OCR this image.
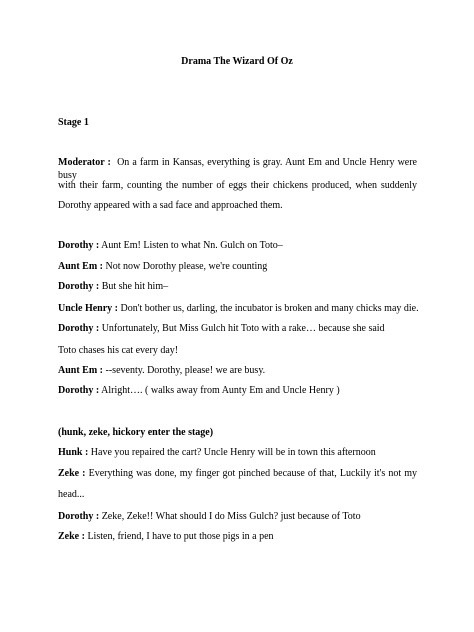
Drama The Wizard Of Oz
Stage 1
Moderator : On a farm in Kansas, everything is gray. Aunt Em and Uncle Henry were busy
with their farm, counting the number of eggs their chickens produced, when suddenly
Dorothy appeared with a sad face and approached them.
Dorothy : Aunt Em! Listen to what Nn. Gulch on Toto–
Aunt Em : Not now Dorothy please, we're counting
Dorothy : But she hit him–
Uncle Henry : Don't bother us, darling, the incubator is broken and many chicks may die.
Dorothy : Unfortunately, But Miss Gulch hit Toto with a rake… because she said
Toto chases his cat every day!
Aunt Em : --seventy. Dorothy, please! we are busy.
Dorothy : Alright…. ( walks away from Aunty Em and Uncle Henry )
(hunk, zeke, hickory enter the stage)
Hunk : Have you repaired the cart? Uncle Henry will be in town this afternoon
Zeke : Everything was done, my finger got pinched because of that, Luckily it's not my
head...
Dorothy : Zeke, Zeke!! What should I do Miss Gulch? just because of Toto
Zeke : Listen, friend, I have to put those pigs in a pen
